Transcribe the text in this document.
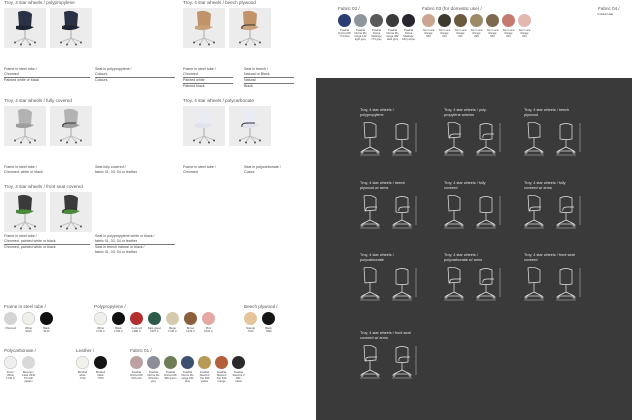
Troy, 4 star wheels / polypropylene	Troy, 4 star wheels / beech plywood
Frame in steel tube /
Chromed
Painted white or black
Seat in polypropylene /
Colours
Colours
Frame in steel tube /
Chromed
Painted white
Painted black
Seat in beech /
Natural or Black
Natural
Black
Troy, 4 star wheels / fully covered	Troy, 4 star wheels / polycarbonate
Frame in steel tube /
Chromed, white or black
Seat fully covered /
fabric 01, 03, 04 or leather
Frame in steel tube /
Chromed
Seat in polycarbonate /
Colour
Troy, 4 star wheels / front seat covered
Frame in steel tube /
Chromed, painted white or black
Chromed, painted white or black
Seat in polypropylene white or black /
fabric 01, 03, 04 or leather
Seat in beech natural or black /
fabric 01, 03, 04 or leather
Frame in steel tube /
Chromed	White
9010
Black
9140
Polypropylene /
White
1735 C
Black
1782 C
Cool red
1480 C
Dark green
1507 C
Beige
1730 C
Brown
1479 C
Pink
1033 C
Beech plywood /
Natural
7310
Black
7990
Polycarbonate /
Frost /
White
1730 C
Reverse /
Clear 2540
TR with
pattern
Leather /
Bonded
white
7740
Bonded
black
7760
Fabric 01 /
Kvadrat
Divina MD
619 pink
Kvadrat
Divina Mo
919 bleu
grey
Kvadrat
Divina MD
965 green
Kvadrat
Divina Mo
tanga 182
blue
Kvadrat
Steelcut
Trio 693
yellow
Kvadrat
Steelcut
Trio 536
orange
Kvadrat
Steelcut 2
190 /
black
Fabric 02 /
Kvadrat
Divina MD
773 blue
Kvadrat
Divina Mo
tanga 132
light grey
Kvadrat
Divina
Melange
773 grey
Kvadrat
Divina Mo
tanga 382
dark grey
Kvadrat
Divina
Melange
183 purple
Fabric 03 (for domestic use) /
Tom Luca
Range
002
Tom Luca
Range
010
Tom Luca
Range
011
Tom Luca
Range
005
Tom Luca
Range
002
Tom Luca
Range
001
Tom Luca
Range
001
Fabric 04 /
Kvadrat Hale
Troy, 4 star wheels /
polypropylene
Troy, 4 star wheels / poly-
propylene w/arms
Troy, 4 star wheels / beech
plywood
Troy, 4 star wheels / beech
plywood w/ arms
Troy, 4 star wheels / fully
covered
Troy, 4 star wheels / fully
covered w/ arms
Troy, 4 star wheels /
polycarbonate
Troy, 4 star wheels /
polycarbonate w/ arms
Troy, 4 star wheels / front seat
covered
Troy, 4 star wheels / front seat
covered w/ arms
